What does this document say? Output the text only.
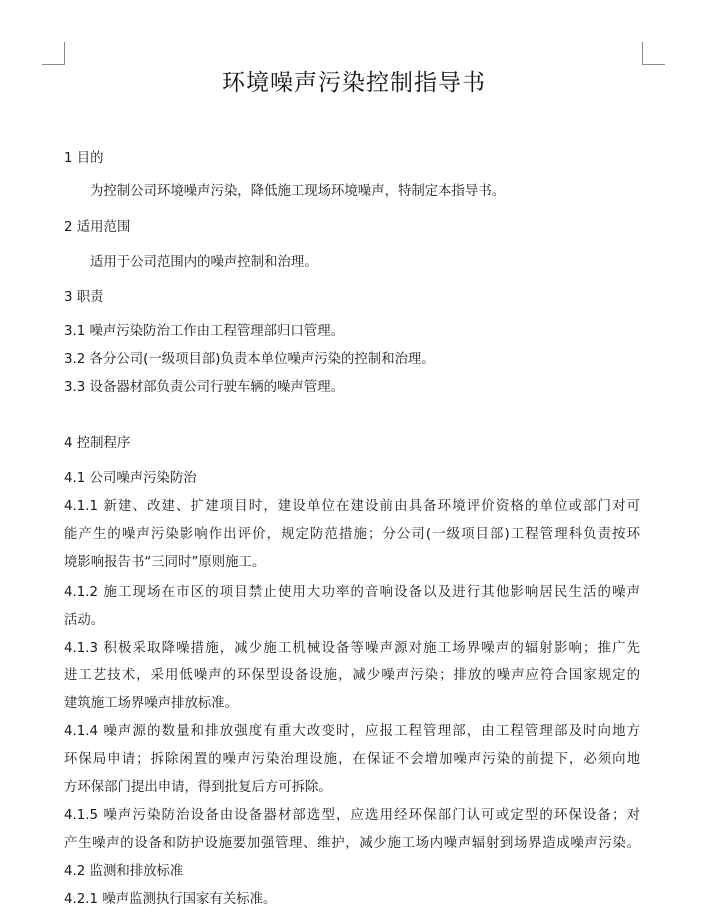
环境噪声污染控制指导书
1 目的
为控制公司环境噪声污染，降低施工现场环境噪声，特制定本指导书。
2 适用范围
适用于公司范围内的噪声控制和治理。
3 职责
3.1 噪声污染防治工作由工程管理部归口管理。
3.2 各分公司(一级项目部)负责本单位噪声污染的控制和治理。
3.3 设备器材部负责公司行驶车辆的噪声管理。
4 控制程序
4.1 公司噪声污染防治
4.1.1 新建、改建、扩建项目时，建设单位在建设前由具备环境评价资格的单位或部门对可
能产生的噪声污染影响作出评价，规定防范措施；分公司(一级项目部)工程管理科负责按环
境影响报告书“三同时”原则施工。
4.1.2 施工现场在市区的项目禁止使用大功率的音响设备以及进行其他影响居民生活的噪声
活动。
4.1.3 积极采取降噪措施，减少施工机械设备等噪声源对施工场界噪声的辐射影响；推广先
进工艺技术，采用低噪声的环保型设备设施，减少噪声污染；排放的噪声应符合国家规定的
建筑施工场界噪声排放标准。
4.1.4 噪声源的数量和排放强度有重大改变时，应报工程管理部，由工程管理部及时向地方
环保局申请；拆除闲置的噪声污染治理设施，在保证不会增加噪声污染的前提下，必须向地
方环保部门提出申请，得到批复后方可拆除。
4.1.5 噪声污染防治设备由设备器材部选型，应选用经环保部门认可或定型的环保设备；对
产生噪声的设备和防护设施要加强管理、维护，减少施工场内噪声辐射到场界造成噪声污染。
4.2 监测和排放标准
4.2.1 噪声监测执行国家有关标准。
